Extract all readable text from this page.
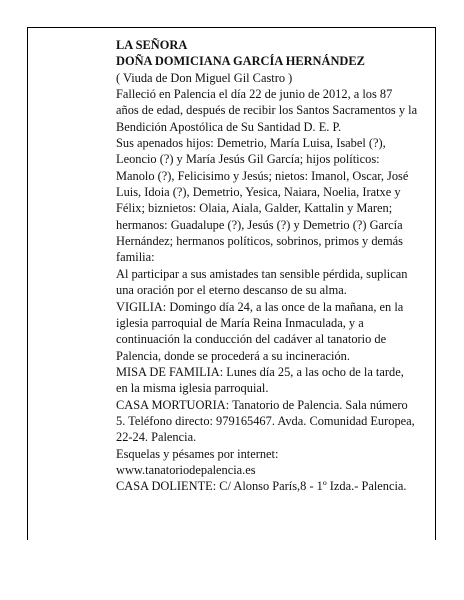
LA SEÑORA

DOÑA DOMICIANA GARCÍA HERNÁNDEZ

( Viuda de Don Miguel Gil Castro )

Falleció en Palencia el día 22 de junio de 2012, a los 87 años de edad, después de recibir los Santos Sacramentos y la Bendición Apostólica de Su Santidad D. E. P.

Sus apenados hijos: Demetrio, María Luisa, Isabel (?), Leoncio (?) y María Jesús Gil García; hijos políticos: Manolo (?), Felicisimo y Jesús; nietos: Imanol, Oscar, José Luis, Idoia (?), Demetrio, Yesica, Naiara, Noelia, Iratxe y Félix; biznietos: Olaia, Aiala, Galder, Kattalin y Maren; hermanos: Guadalupe (?), Jesús (?) y Demetrio (?) García Hernández; hermanos políticos, sobrinos, primos y demás familia:

Al participar a sus amistades tan sensible pérdida, suplican una oración por el eterno descanso de su alma.

VIGILIA: Domingo día 24, a las once de la mañana, en la iglesia parroquial de María Reina Inmaculada, y a continuación la conducción del cadáver al tanatorio de Palencia, donde se procederá a su incineración.

MISA DE FAMILIA: Lunes día 25, a las ocho de la tarde, en la misma iglesia parroquial.

CASA MORTUORIA: Tanatorio de Palencia. Sala número 5. Teléfono directo: 979165467. Avda. Comunidad Europea, 22-24. Palencia.

Esquelas y pésames por internet:

www.tanatoriodepalencia.es

CASA DOLIENTE: C/ Alonso París,8 - 1º Izda.- Palencia.
